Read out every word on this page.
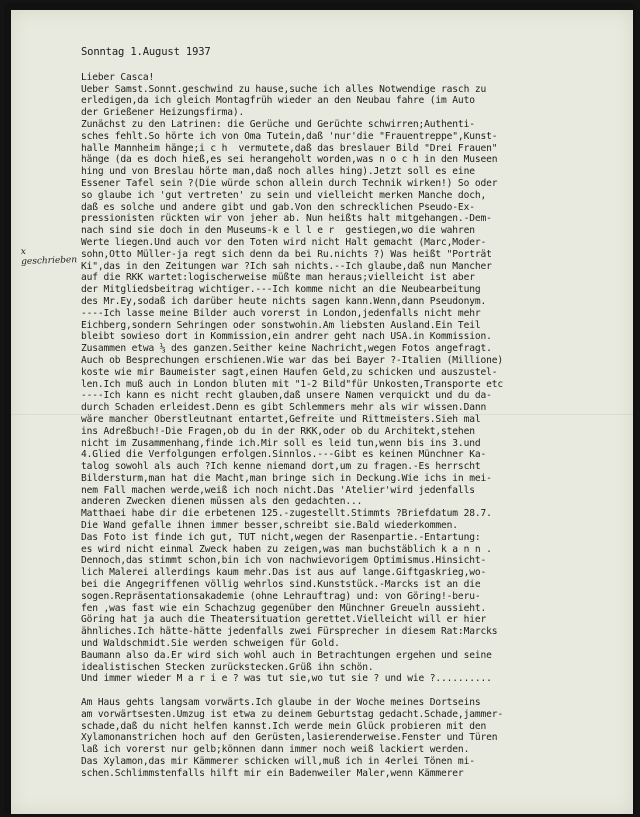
x geschrieben
Sonntag 1.August 1937
Lieber Casca!
Ueber Samst.Sonnt.geschwind zu hause,suche ich alles Notwendige rasch zu
erledigen,da ich gleich Montagfrüh wieder an den Neubau fahre (im Auto
der Grießener Heizungsfirma).
Zunächst zu den Latrinen: die Gerüche und Gerüchte schwirren;Authenti-
sches fehlt.So hörte ich von Oma Tutein,daß 'nur'die "Frauentreppe",Kunst-
halle Mannheim hänge;i c h  vermutete,daß das breslauer Bild "Drei Frauen"
hänge (da es doch hieß,es sei herangeholt worden,was n o c h in den Museen
hing und von Breslau hörte man,daß noch alles hing).Jetzt soll es eine
Essener Tafel sein ?(Die würde schon allein durch Technik wirken!) So oder
so glaube ich 'gut vertreten' zu sein und vielleicht merken Manche doch,
daß es solche und andere gibt und gab.Von den schrecklichen Pseudo-Ex-
pressionisten rückten wir von jeher ab. Nun heißts halt mitgehangen.-Dem-
nach sind sie doch in den Museums-k e l l e r  gestiegen,wo die wahren
Werte liegen.Und auch vor den Toten wird nicht Halt gemacht (Marc,Moder-
sohn,Otto Müller-ja regt sich denn da bei Ru.nichts ?) Was heißt "Porträt
Ki",das in den Zeitungen war ?Ich sah nichts.--Ich glaube,daß nun Mancher
auf die RKK wartet:logischerweise müßte man heraus;vielleicht ist aber
der Mitgliedsbeitrag wichtiger.---Ich komme nicht an die Neubearbeitung
des Mr.Ey,sodaß ich darüber heute nichts sagen kann.Wenn,dann Pseudonym.
----Ich lasse meine Bilder auch vorerst in London,jedenfalls nicht mehr
Eichberg,sondern Sehringen oder sonstwohin.Am liebsten Ausland.Ein Teil
bleibt sowieso dort in Kommission,ein andrer geht nach USA.in Kommission.
Zusammen etwa ⅓ des ganzen.Seither keine Nachricht,wegen Fotos angefragt.
Auch ob Besprechungen erschienen.Wie war das bei Bayer ?-Italien (Millione)
koste wie mir Baumeister sagt,einen Haufen Geld,zu schicken und auszustel-
len.Ich muß auch in London bluten mit "1-2 Bild"für Unkosten,Transporte etc
----Ich kann es nicht recht glauben,daß unsere Namen verquickt und du da-
durch Schaden erleidest.Denn es gibt Schlemmers mehr als wir wissen.Dann
wäre mancher Oberstleutnant entartet,Gefreite und Rittmeisters.Sieh mal
ins Adreßbuch!-Die Fragen,ob du in der RKK,oder ob du Architekt,stehen
nicht im Zusammenhang,finde ich.Mir soll es leid tun,wenn bis ins 3.und
4.Glied die Verfolgungen erfolgen.Sinnlos.---Gibt es keinen Münchner Ka-
talog sowohl als auch ?Ich kenne niemand dort,um zu fragen.-Es herrscht
Bildersturm,man hat die Macht,man bringe sich in Deckung.Wie ichs in mei-
nem Fall machen werde,weiß ich noch nicht.Das 'Atelier'wird jedenfalls
anderen Zwecken dienen müssen als den gedachten...
Matthaei habe dir die erbetenen 125.-zugestellt.Stimmts ?Briefdatum 28.7.
Die Wand gefalle ihnen immer besser,schreibt sie.Bald wiederkommen.
Das Foto ist finde ich gut, TUT nicht,wegen der Rasenpartie.-Entartung:
es wird nicht einmal Zweck haben zu zeigen,was man buchstäblich k a n n .
Dennoch,das stimmt schon,bin ich von nachwievorigem Optimismus.Hinsicht-
lich Malerei allerdings kaum mehr.Das ist aus auf lange.Giftgaskrieg,wo-
bei die Angegriffenen völlig wehrlos sind.Kunststück.-Marcks ist an die
sogen.Repräsentationsakademie (ohne Lehrauftrag) und: von Göring!-beru-
fen ,was fast wie ein Schachzug gegenüber den Münchner Greueln aussieht.
Göring hat ja auch die Theatersituation gerettet.Vielleicht will er hier
ähnliches.Ich hätte-hätte jedenfalls zwei Fürsprecher in diesem Rat:Marcks
und Waldschmidt.Sie werden schweigen für Gold.
Baumann also da.Er wird sich wohl auch in Betrachtungen ergehen und seine
idealistischen Stecken zurückstecken.Grüß ihn schön.
Und immer wieder M a r i e ? was tut sie,wo tut sie ? und wie ?..........
Am Haus gehts langsam vorwärts.Ich glaube in der Woche meines Dortseins
am vorwärtsesten.Umzug ist etwa zu deinem Geburtstag gedacht.Schade,jammer-
schade,daß du nicht helfen kannst.Ich werde mein Glück probieren mit den
Xylamonanstrichen hoch auf den Gerüsten,lasierenderweise.Fenster und Türen
laß ich vorerst nur gelb;können dann immer noch weiß lackiert werden.
Das Xylamon,das mir Kämmerer schicken will,muß ich in 4erlei Tönen mi-
schen.Schlimmstenfalls hilft mir ein Badenweiler Maler,wenn Kämmerer
